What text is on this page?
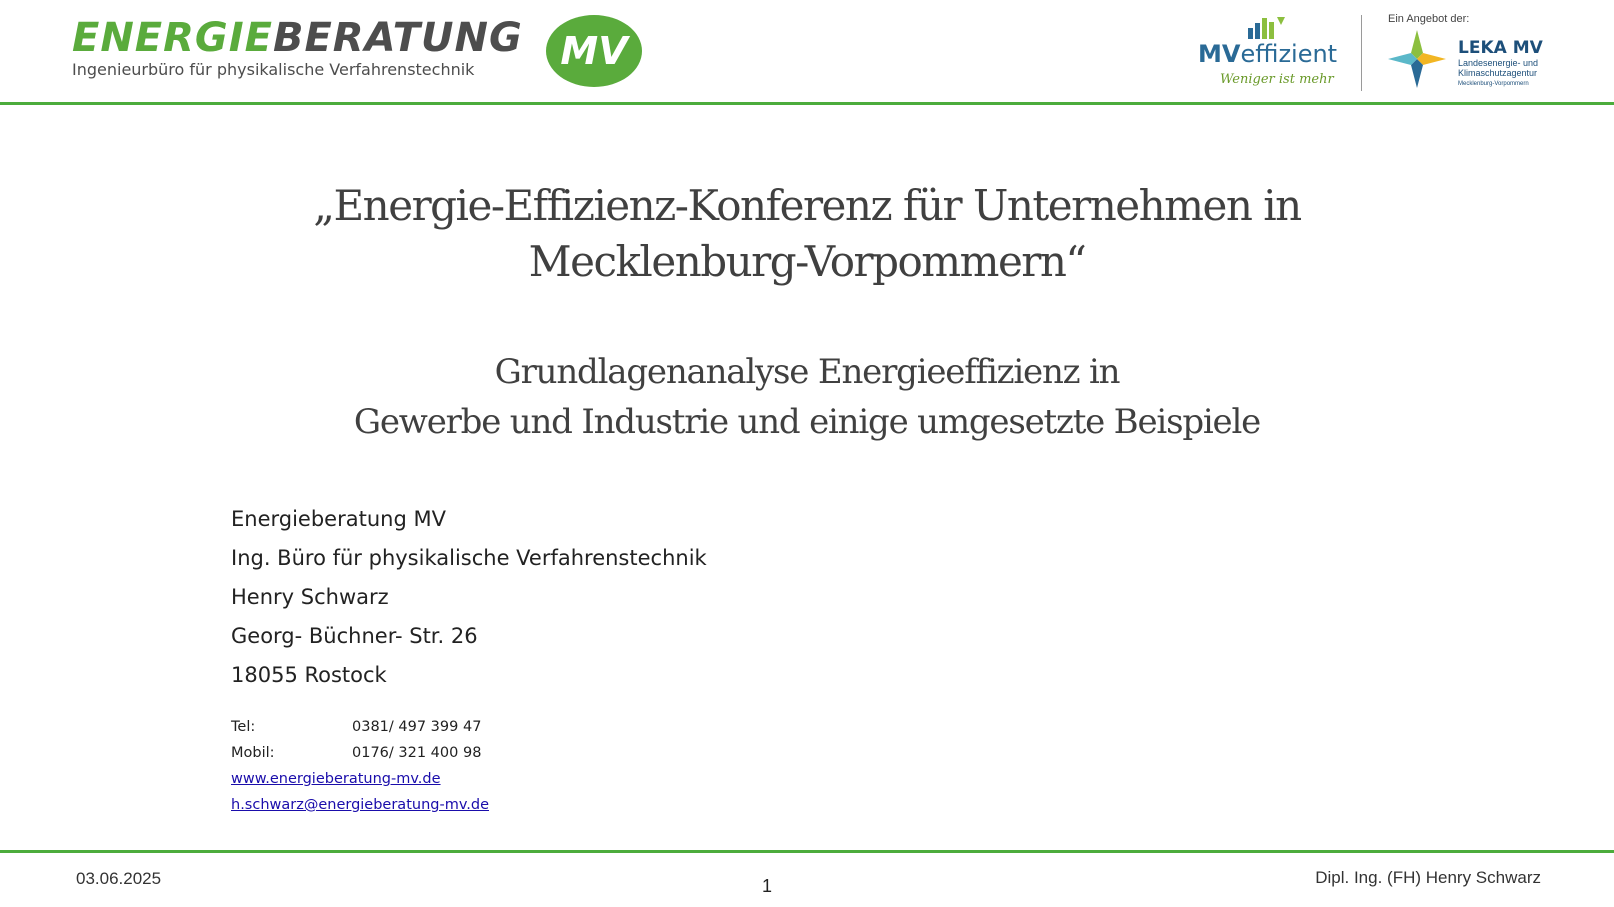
ENERGIEBERATUNG
Ingenieurbüro für physikalische Verfahrenstechnik	MV	MVeffizient
Weniger ist mehr
Ein Angebot der:
LEKA MV
Landesenergie- und
Klimaschutzagentur
Mecklenburg-Vorpommern
„Energie-Effizienz-Konferenz für Unternehmen in
Mecklenburg-Vorpommern“
Grundlagenanalyse Energieeffizienz in
Gewerbe und Industrie und einige umgesetzte Beispiele
Energieberatung MV
Ing. Büro für physikalische Verfahrenstechnik
Henry Schwarz
Georg- Büchner- Str. 26
18055 Rostock
Tel:	0381/ 497 399 47
Mobil:	0176/ 321 400 98
www.energieberatung-mv.de
h.schwarz@energieberatung-mv.de
03.06.2025	1	Dipl. Ing. (FH) Henry Schwarz
